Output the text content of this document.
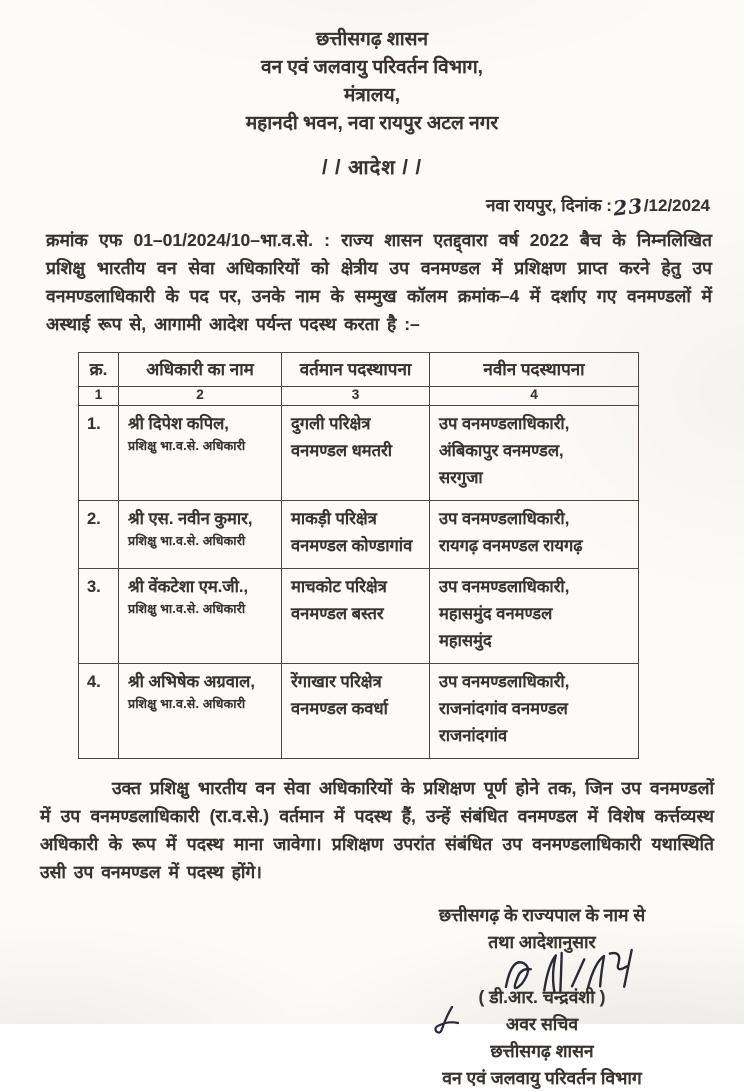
छत्तीसगढ़ शासन
वन एवं जलवायु परिवर्तन विभाग,
मंत्रालय,
महानदी भवन, नवा रायपुर अटल नगर
/ / आदेश / /
नवा रायपुर, दिनांक :23/12/2024

क्रमांक एफ 01–01/2024/10–भा.व.से. : राज्य शासन एतद्द्वारा वर्ष 2022 बैच के निम्नलिखित प्रशिक्षु भारतीय वन सेवा अधिकारियों को क्षेत्रीय उप वनमण्डल में प्रशिक्षण प्राप्त करने हेतु उप वनमण्डलाधिकारी के पद पर, उनके नाम के सम्मुख कॉलम क्रमांक–4 में दर्शाए गए वनमण्डलों में अस्थाई रूप से, आगामी आदेश पर्यन्त पदस्थ करता है :–

क्र.	अधिकारी का नाम	वर्तमान पदस्थापना	नवीन पदस्थापना
1	2	3	4
1.	श्री दिपेश कपिल,
प्रशिक्षु भा.व.से. अधिकारी
	दुगली परिक्षेत्र
वनमण्डल धमतरी	उप वनमण्डलाधिकारी,
अंबिकापुर वनमण्डल,
सरगुजा
2.	श्री एस. नवीन कुमार,
प्रशिक्षु भा.व.से. अधिकारी
	माकड़ी परिक्षेत्र
वनमण्डल कोण्डागांव	उप वनमण्डलाधिकारी,
रायगढ़ वनमण्डल रायगढ़
3.	श्री वेंकटेशा एम.जी.,
प्रशिक्षु भा.व.से. अधिकारी
	माचकोट परिक्षेत्र
वनमण्डल बस्तर	उप वनमण्डलाधिकारी,
महासमुंद वनमण्डल
महासमुंद
4.	श्री अभिषेक अग्रवाल,
प्रशिक्षु भा.व.से. अधिकारी
	रेंगाखार परिक्षेत्र
वनमण्डल कवर्धा	उप वनमण्डलाधिकारी,
राजनांदगांव वनमण्डल
राजनांदगांव

उक्त प्रशिक्षु भारतीय वन सेवा अधिकारियों के प्रशिक्षण पूर्ण होने तक, जिन उप वनमण्डलों में उप वनमण्डलाधिकारी (रा.व.से.) वर्तमान में पदस्थ हैं, उन्हें संबंधित वनमण्डल में विशेष कर्त्तव्यस्थ अधिकारी के रूप में पदस्थ माना जावेगा। प्रशिक्षण उपरांत संबंधित उप वनमण्डलाधिकारी यथास्थिति उसी उप वनमण्डल में पदस्थ होंगे।

छत्तीसगढ़ के राज्यपाल के नाम से
तथा आदेशानुसार
( डी.आर. चन्द्रवंशी )
अवर सचिव
छत्तीसगढ़ शासन
वन एवं जलवायु परिवर्तन विभाग
